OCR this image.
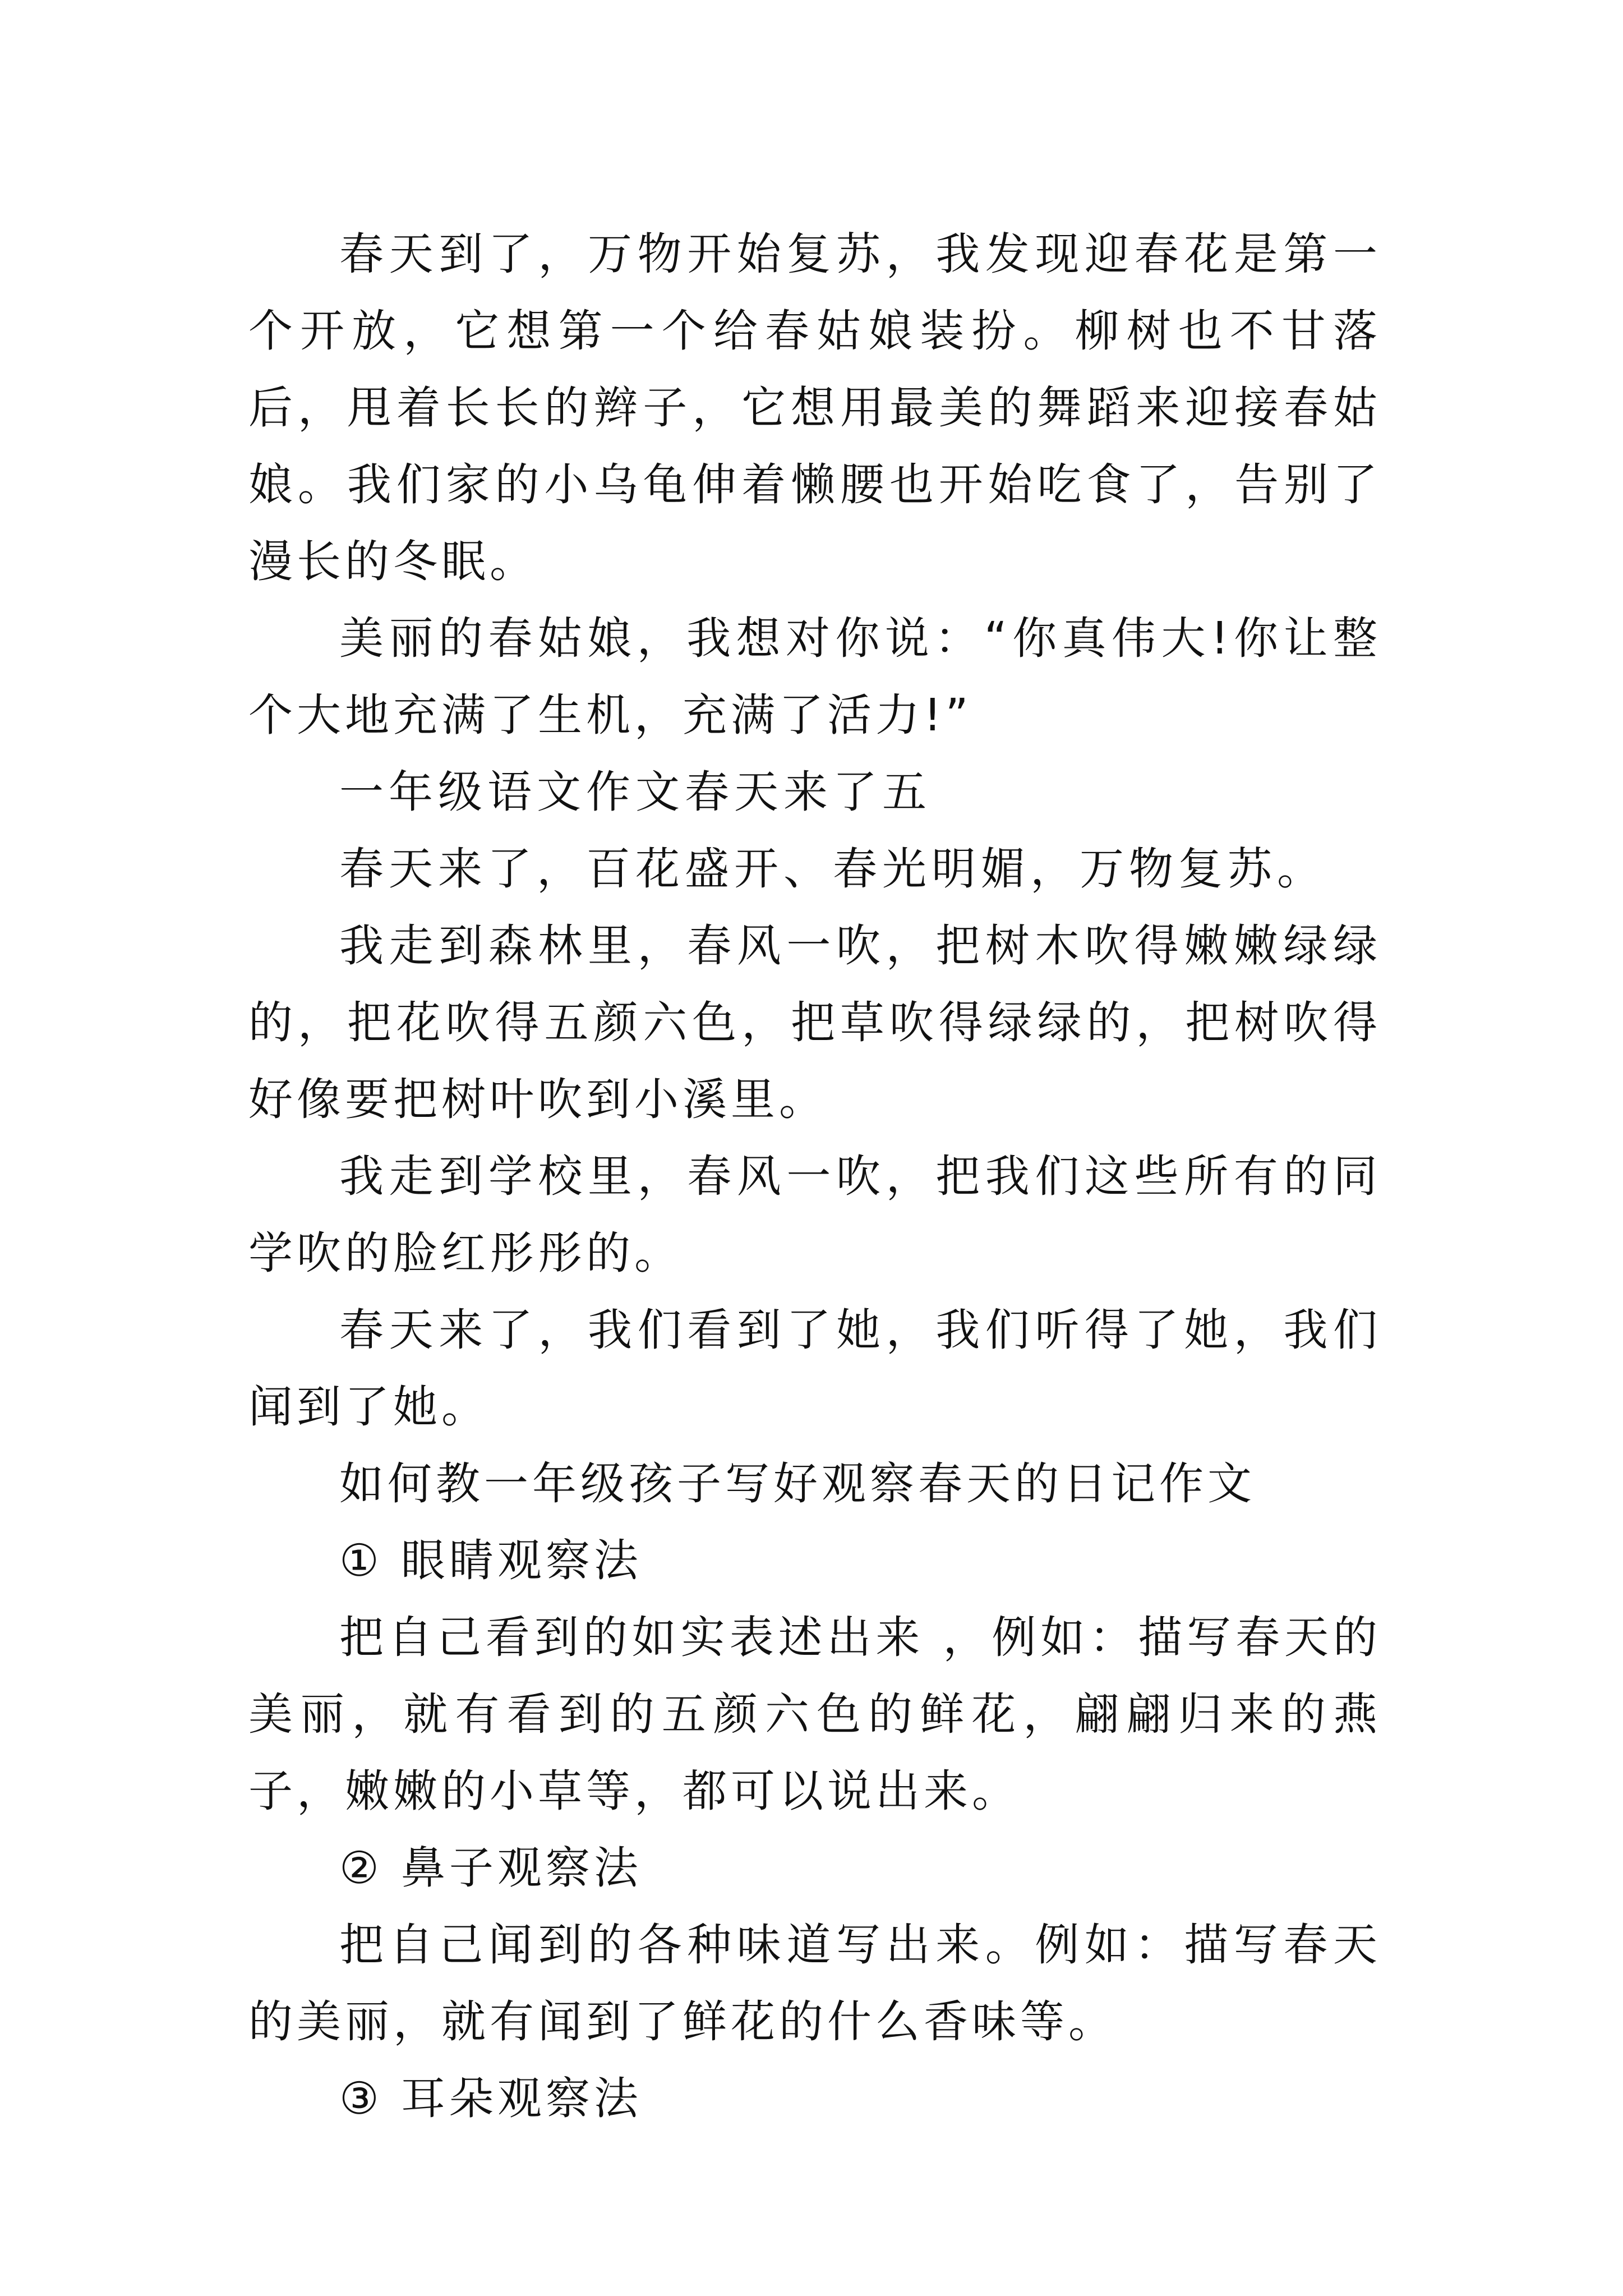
春天到了，万物开始复苏，我发现迎春花是第一个开放，它想第一个给春姑娘装扮。柳树也不甘落后，甩着长长的辫子，它想用最美的舞蹈来迎接春姑娘。我们家的小乌龟伸着懒腰也开始吃食了，告别了漫长的冬眠。

美丽的春姑娘，我想对你说：“你真伟大!你让整个大地充满了生机，充满了活力!”

一年级语文作文春天来了五

春天来了，百花盛开、春光明媚，万物复苏。

我走到森林里，春风一吹，把树木吹得嫩嫩绿绿的，把花吹得五颜六色，把草吹得绿绿的，把树吹得好像要把树叶吹到小溪里。

我走到学校里，春风一吹，把我们这些所有的同学吹的脸红彤彤的。

春天来了，我们看到了她，我们听得了她，我们闻到了她。

如何教一年级孩子写好观察春天的日记作文

① 眼睛观察法

把自己看到的如实表述出来 ，例如：描写春天的美丽，就有看到的五颜六色的鲜花，翩翩归来的燕子，嫩嫩的小草等，都可以说出来。

② 鼻子观察法

把自己闻到的各种味道写出来。例如：描写春天的美丽，就有闻到了鲜花的什么香味等。

③ 耳朵观察法
